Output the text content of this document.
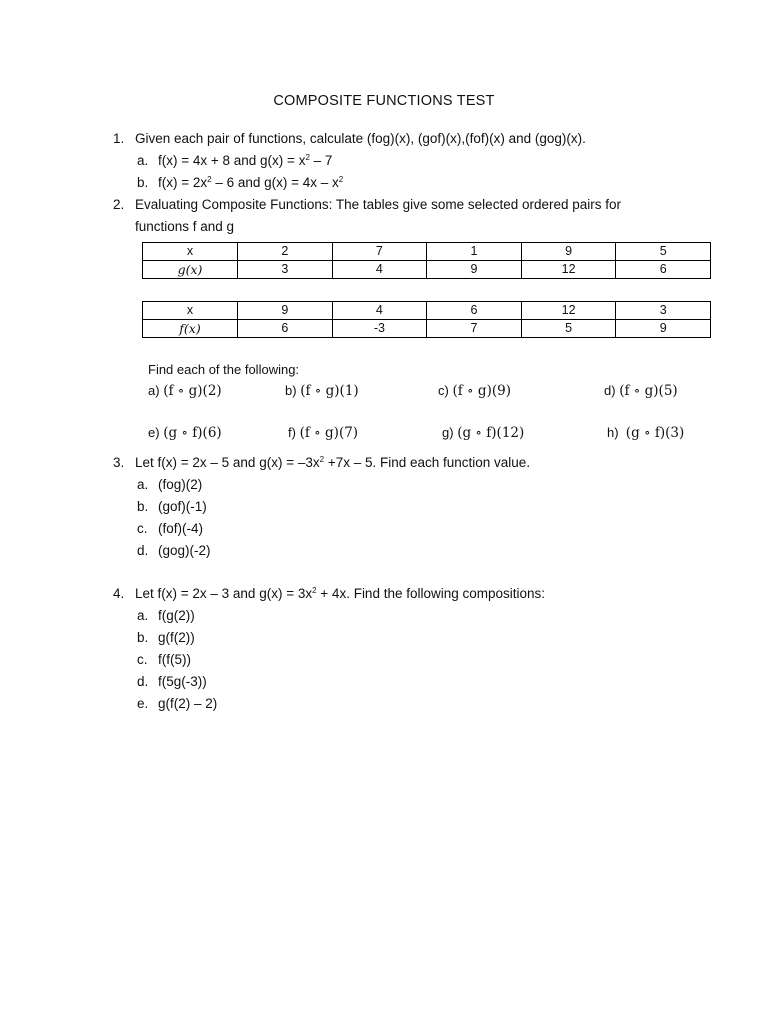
COMPOSITE FUNCTIONS TEST
1. Given each pair of functions, calculate (fog)(x), (gof)(x),(fof)(x) and (gog)(x).
a. f(x) = 4x + 8 and $g(x) = x^2 - 7$
b. $f(x) = 2x^2 - 6$ and $g(x) = 4x - x^2$
2. Evaluating Composite Functions: The tables give some selected ordered pairs for
functions f and g
x	2	7	1	9	5
g(x)	3	4	9	12	6
x	9	4	6	12	3
f(x)	6	-3	7	5	9
Find each of the following:
a) (f ∘ g)(2)	b) (f ∘ g)(1)	c) (f ∘ g)(9)	d) (f ∘ g)(5)
e) (g ∘ f)(6)	f) (f ∘ g)(7)	g) (g ∘ f)(12)	h) (g ∘ f)(3)
3. Let f(x) = 2x – 5 and $g(x) = -3x^2 +7x - 5$. Find each function value.
a. (fog)(2)
b. (gof)(-1)
c. (fof)(-4)
d. (gog)(-2)
4. Let f(x) = 2x – 3 and $g(x) = 3x^2 + 4x$. Find the following compositions:
a. f(g(2))
b. g(f(2))
c. f(f(5))
d. f(5g(-3))
e. g(f(2) – 2)
